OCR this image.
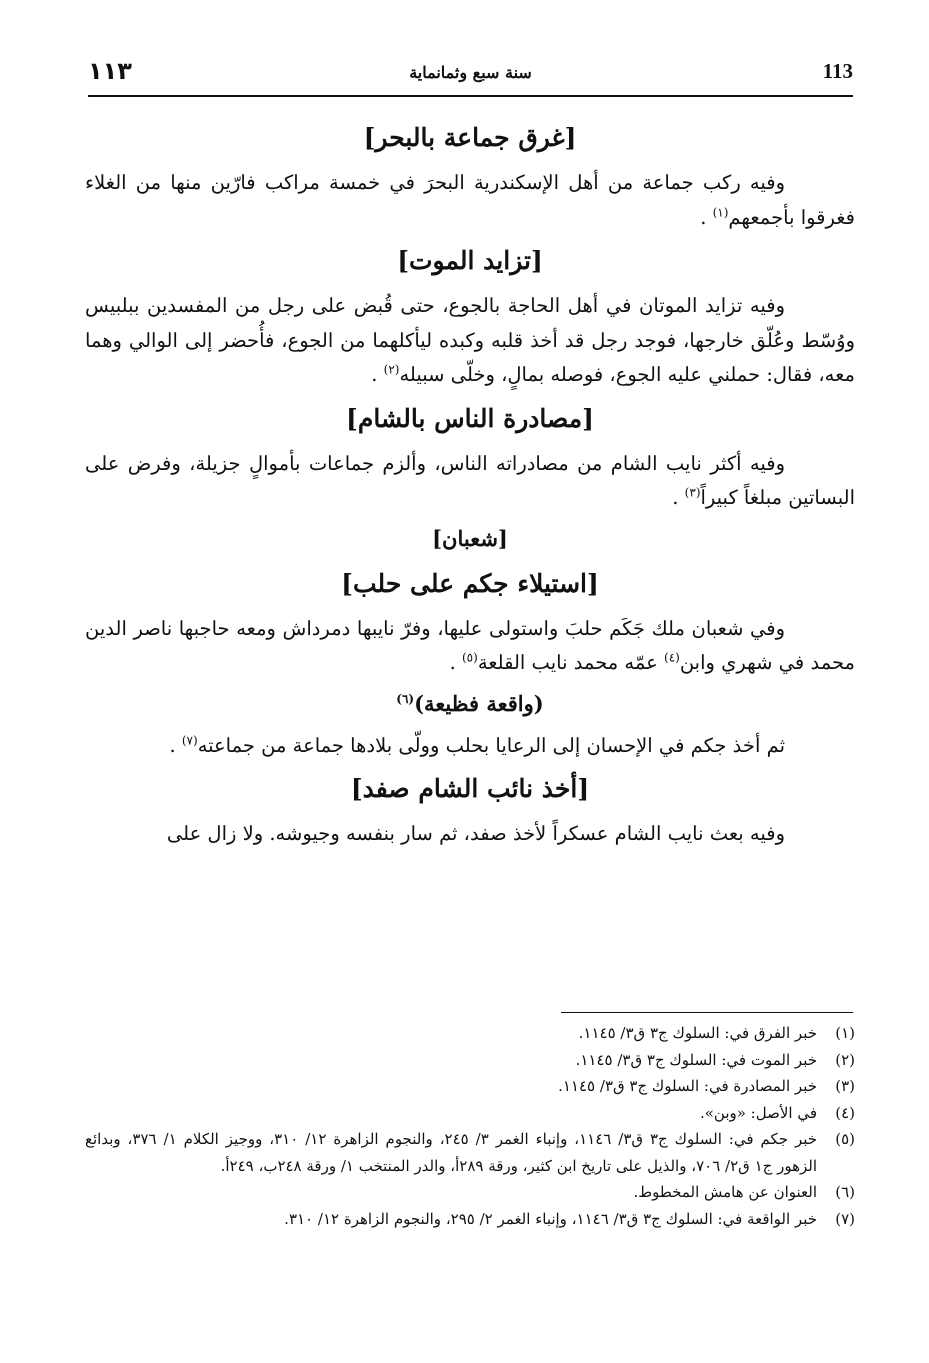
١١٣	سنة سبع وثمانماية	113
[غرق جماعة بالبحر]

وفيه ركب جماعة من أهل الإسكندرية البحرَ في خمسة مراكب فارّين منها من الغلاء فغرقوا بأجمعهم$^{(١)}$ .

[تزايد الموت]

وفيه تزايد الموتان في أهل الحاجة بالجوع، حتى قُبض على رجل من المفسدين ببلبيس ووُسّط وعُلّق خارجها، فوجد رجل قد أخذ قلبه وكبده ليأكلهما من الجوع، فأُحضر إلى الوالي وهما معه، فقال: حملني عليه الجوع، فوصله بمالٍ، وخلّى سبيله$^{(٢)}$ .

[مصادرة الناس بالشام]

وفيه أكثر نايب الشام من مصادراته الناس، وألزم جماعات بأموالٍ جزيلة، وفرض على البساتين مبلغاً كبيراً$^{(٣)}$ .

[شعبان]
[استيلاء جكم على حلب]

وفي شعبان ملك جَكَم حلبَ واستولى عليها، وفرّ نايبها دمرداش ومعه حاجبها ناصر الدين محمد في شهري وابن$^{(٤)}$ عمّه محمد نايب القلعة$^{(٥)}$ .

(واقعة فظيعة)$^{(٦)}$

ثم أخذ جكم في الإحسان إلى الرعايا بحلب وولّى بلادها جماعة من جماعته$^{(٧)}$ .

[أخذ نائب الشام صفد]

وفيه بعث نايب الشام عسكراً لأخذ صفد، ثم سار بنفسه وجيوشه. ولا زال على

(١)
خبر الفرق في: السلوك ج٣ ق٣/ ١١٤٥.
(٢)
خبر الموت في: السلوك ج٣ ق٣/ ١١٤٥.
(٣)
خبر المصادرة في: السلوك ج٣ ق٣/ ١١٤٥.
(٤)
في الأصل: «وبن».
(٥)
خبر جكم في: السلوك ج٣ ق٣/ ١١٤٦، وإنباء الغمر ٣/ ٢٤٥، والنجوم الزاهرة ١٢/ ٣١٠، ووجيز الكلام ١/ ٣٧٦، وبدائع الزهور ج١ ق٢/ ٧٠٦، والذيل على تاريخ ابن كثير، ورقة ٢٨٩أ، والدر المنتخب ١/ ورقة ٢٤٨ب، ٢٤٩أ.
(٦)
العنوان عن هامش المخطوط.
(٧)
خبر الواقعة في: السلوك ج٣ ق٣/ ١١٤٦، وإنباء الغمر ٢/ ٢٩٥، والنجوم الزاهرة ١٢/ ٣١٠.
